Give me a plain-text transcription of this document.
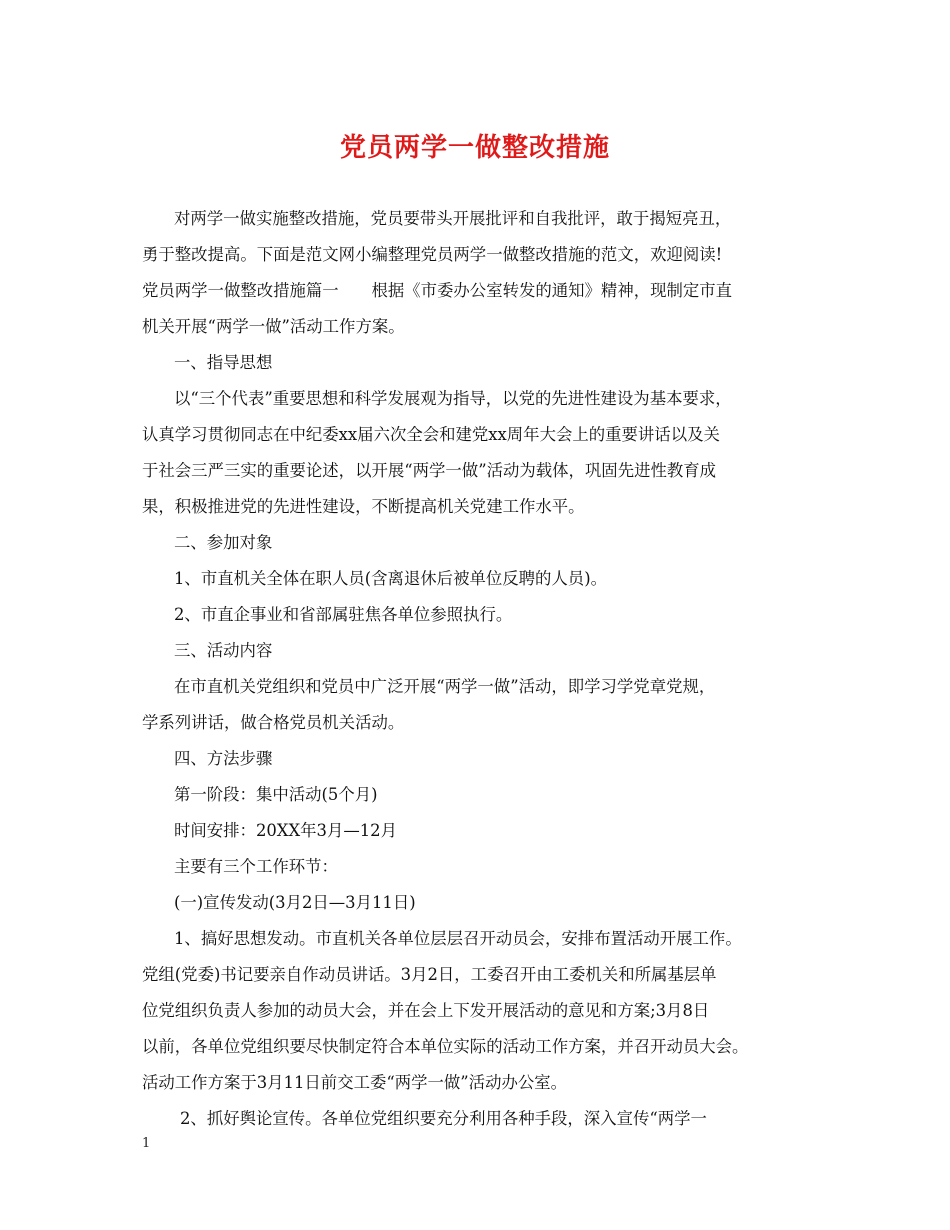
党员两学一做整改措施
对两学一做实施整改措施，党员要带头开展批评和自我批评，敢于揭短亮丑，
勇于整改提高。下面是范文网小编整理党员两学一做整改措施的范文，欢迎阅读!
党员两学一做整改措施篇一　　根据《市委办公室转发的通知》精神，现制定市直
机关开展“两学一做”活动工作方案。
一、指导思想
以“三个代表”重要思想和科学发展观为指导，以党的先进性建设为基本要求，
认真学习贯彻同志在中纪委xx届六次全会和建党xx周年大会上的重要讲话以及关
于社会三严三实的重要论述，以开展“两学一做”活动为载体，巩固先进性教育成
果，积极推进党的先进性建设，不断提高机关党建工作水平。
二、参加对象
1、市直机关全体在职人员(含离退休后被单位反聘的人员)。
2、市直企事业和省部属驻焦各单位参照执行。
三、活动内容
在市直机关党组织和党员中广泛开展“两学一做”活动，即学习学党章党规，
学系列讲话，做合格党员机关活动。
四、方法步骤
第一阶段：集中活动(5个月)
时间安排：20XX年3月—12月
主要有三个工作环节：
(一)宣传发动(3月2日—3月11日)
1、搞好思想发动。市直机关各单位层层召开动员会，安排布置活动开展工作。
党组(党委)书记要亲自作动员讲话。3月2日，工委召开由工委机关和所属基层单
位党组织负责人参加的动员大会，并在会上下发开展活动的意见和方案;3月8日
以前，各单位党组织要尽快制定符合本单位实际的活动工作方案，并召开动员大会。
活动工作方案于3月11日前交工委“两学一做”活动办公室。
2、抓好舆论宣传。各单位党组织要充分利用各种手段，深入宣传“两学一
1
